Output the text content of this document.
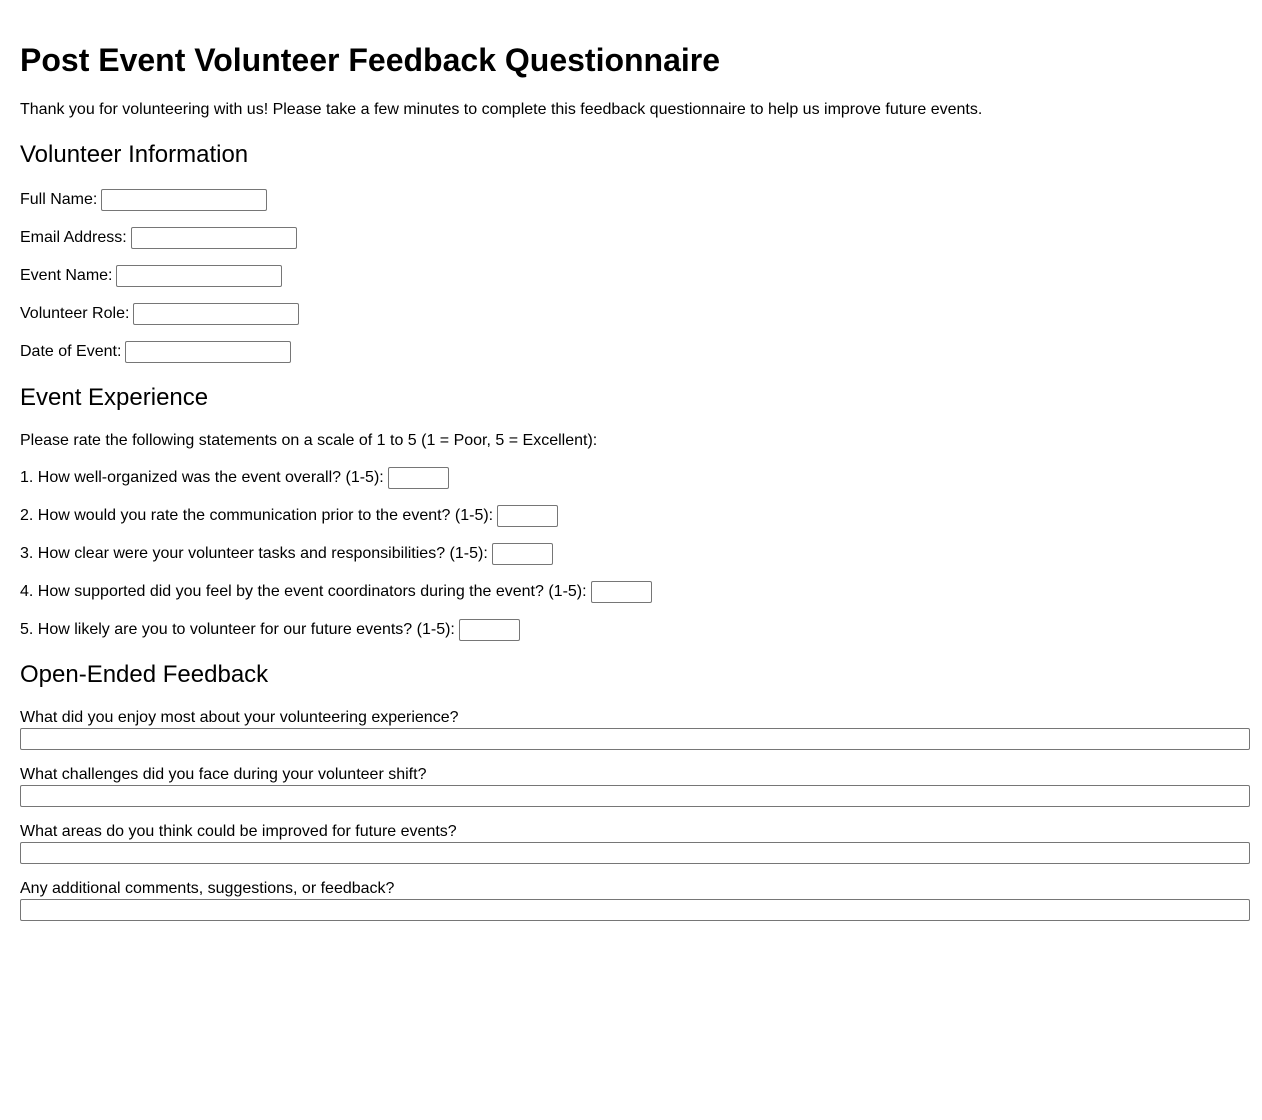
Post Event Volunteer Feedback Questionnaire

Thank you for volunteering with us! Please take a few minutes to complete this feedback questionnaire to help us improve future events.

Volunteer Information
Full Name:
Email Address:
Event Name:
Volunteer Role:
Date of Event:
Event Experience

Please rate the following statements on a scale of 1 to 5 (1 = Poor, 5 = Excellent):

1. How well-organized was the event overall? (1-5):
2. How would you rate the communication prior to the event? (1-5):
3. How clear were your volunteer tasks and responsibilities? (1-5):
4. How supported did you feel by the event coordinators during the event? (1-5):
5. How likely are you to volunteer for our future events? (1-5):
Open-Ended Feedback
What did you enjoy most about your volunteering experience?
What challenges did you face during your volunteer shift?
What areas do you think could be improved for future events?
Any additional comments, suggestions, or feedback?
